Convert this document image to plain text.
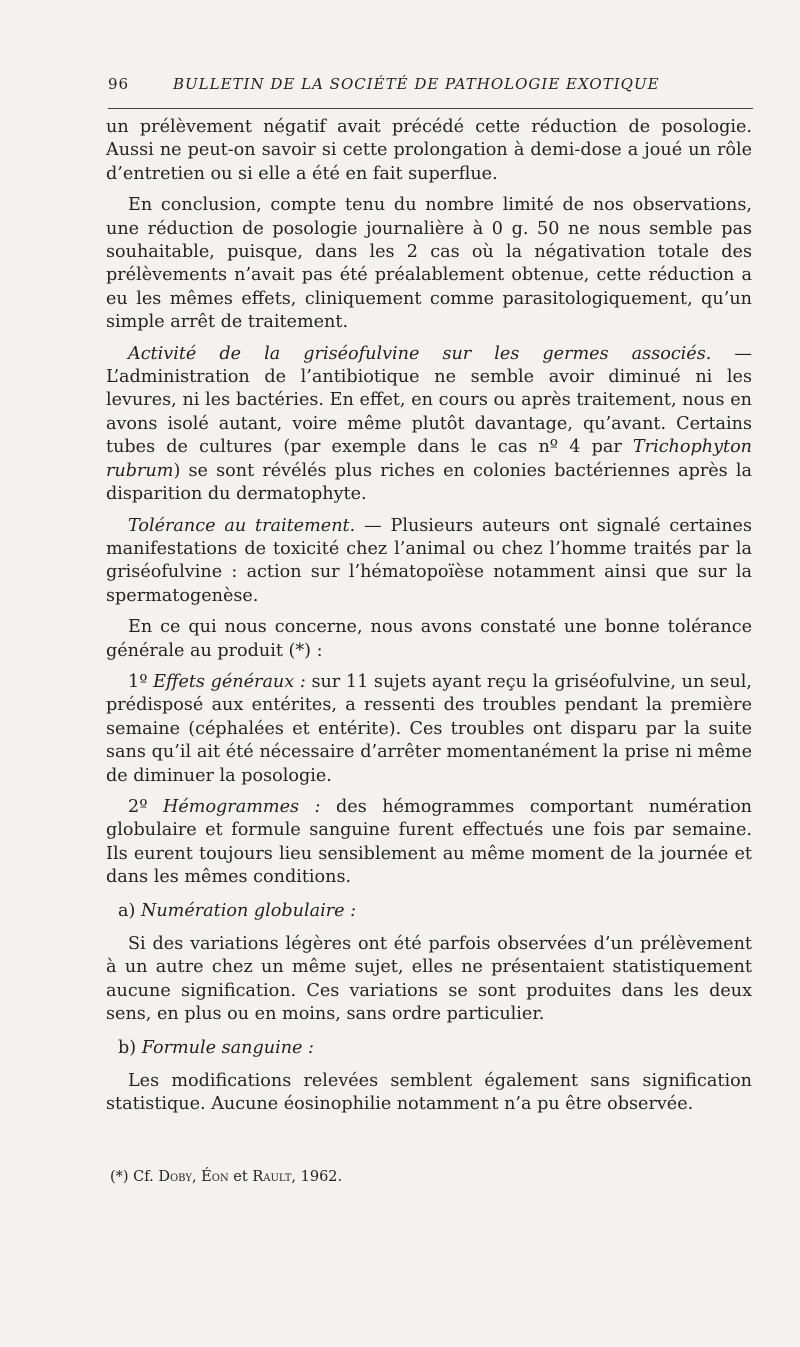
96	BULLETIN DE LA SOCIÉTÉ DE PATHOLOGIE EXOTIQUE

un prélèvement négatif avait précédé cette réduction de posologie. Aussi ne peut-on savoir si cette prolongation à demi-dose a joué un rôle d’entretien ou si elle a été en fait superflue.

En conclusion, compte tenu du nombre limité de nos observations, une réduction de posologie journalière à 0 g. 50 ne nous semble pas souhaitable, puisque, dans les 2 cas où la négativation totale des prélèvements n’avait pas été préalablement obtenue, cette réduction a eu les mêmes effets, cliniquement comme parasitologiquement, qu’un simple arrêt de traitement.

Activité de la griséofulvine sur les germes associés. — L’administration de l’antibiotique ne semble avoir diminué ni les levures, ni les bactéries. En effet, en cours ou après traitement, nous en avons isolé autant, voire même plutôt davantage, qu’avant. Certains tubes de cultures (par exemple dans le cas nº 4 par Trichophyton rubrum) se sont révélés plus riches en colonies bactériennes après la disparition du dermatophyte.

Tolérance au traitement. — Plusieurs auteurs ont signalé certaines manifestations de toxicité chez l’animal ou chez l’homme traités par la griséofulvine : action sur l’hématopoïèse notamment ainsi que sur la spermatogenèse.

En ce qui nous concerne, nous avons constaté une bonne tolérance générale au produit (*) :

1º Effets généraux : sur 11 sujets ayant reçu la griséofulvine, un seul, prédisposé aux entérites, a ressenti des troubles pendant la première semaine (céphalées et entérite). Ces troubles ont disparu par la suite sans qu’il ait été nécessaire d’arrêter momentanément la prise ni même de diminuer la posologie.

2º Hémogrammes : des hémogrammes comportant numération globulaire et formule sanguine furent effectués une fois par semaine. Ils eurent toujours lieu sensiblement au même moment de la journée et dans les mêmes conditions.

a) Numération globulaire :

Si des variations légères ont été parfois observées d’un prélèvement à un autre chez un même sujet, elles ne présentaient statistiquement aucune signification. Ces variations se sont produites dans les deux sens, en plus ou en moins, sans ordre particulier.

b) Formule sanguine :

Les modifications relevées semblent également sans signification statistique. Aucune éosinophilie notamment n’a pu être observée.

(*) Cf. Doby, Éon et Rault, 1962.
